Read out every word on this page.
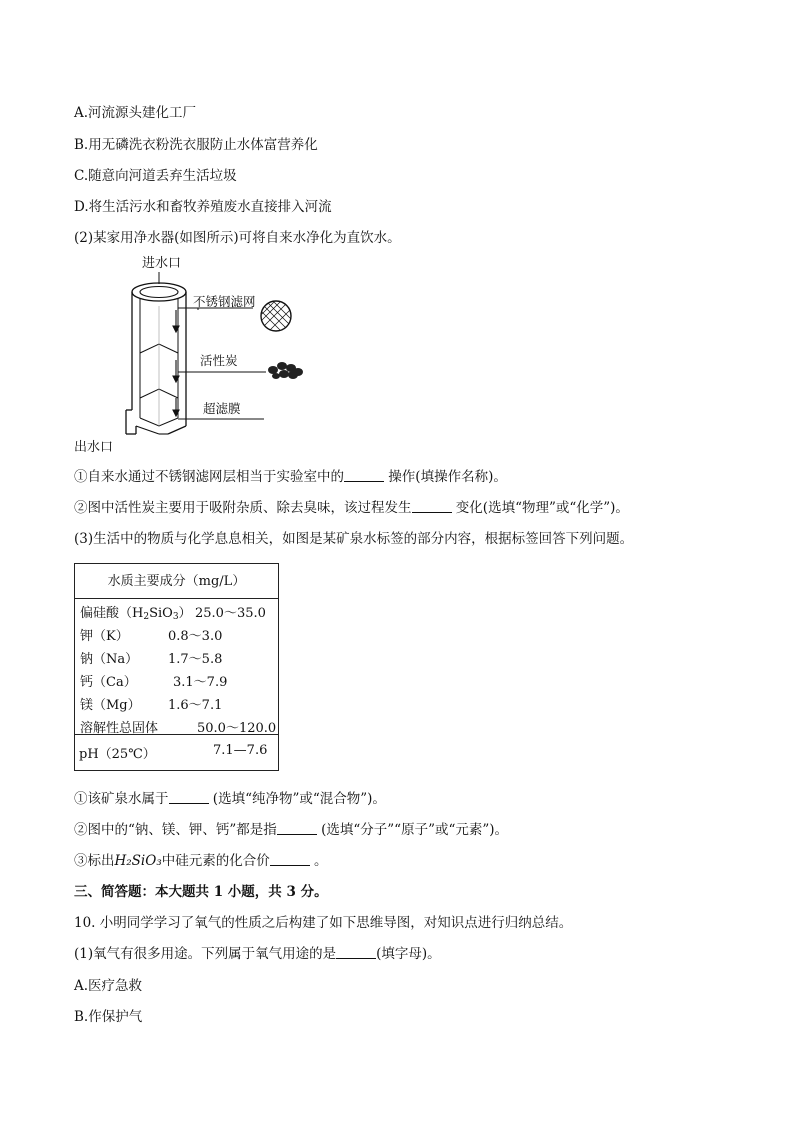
A.河流源头建化工厂
B.用无磷洗衣粉洗衣服防止水体富营养化
C.随意向河道丢弃生活垃圾
D.将生活污水和畜牧养殖废水直接排入河流
(2)某家用净水器(如图所示)可将自来水净化为直饮水。
进水口
出水口
不锈钢滤网
活性炭
超滤膜
①自来水通过不锈钢滤网层相当于实验室中的	操作(填操作名称)。
②图中活性炭主要用于吸附杂质、除去臭味，该过程发生	变化(选填“物理”或“化学”)。
(3)生活中的物质与化学息息相关，如图是某矿泉水标签的部分内容，根据标签回答下列问题。
水质主要成分（mg/L）
偏硅酸$(H_2SiO_3)$ 25.0～35.0
钾（K）	0.8～3.0
钠（Na） 1.7～5.8
钙（Ca）	3.1～7.9
镁（Mg） 1.6～7.1
溶解性总固体	50.0～120.0
pH（25℃）	7.1—7.6
①该矿泉水属于	(选填“纯净物”或“混合物”)。
②图中的“钠、镁、钾、钙”都是指	(选填“分子”“原子”或“元素”)。
③标出H₂SiO₃中硅元素的化合价	。
三、简答题：本大题共 1 小题，共 3 分。
10. 小明同学学习了氧气的性质之后构建了如下思维导图，对知识点进行归纳总结。
(1)氧气有很多用途。下列属于氧气用途的是	(填字母)。
A.医疗急救
B.作保护气
